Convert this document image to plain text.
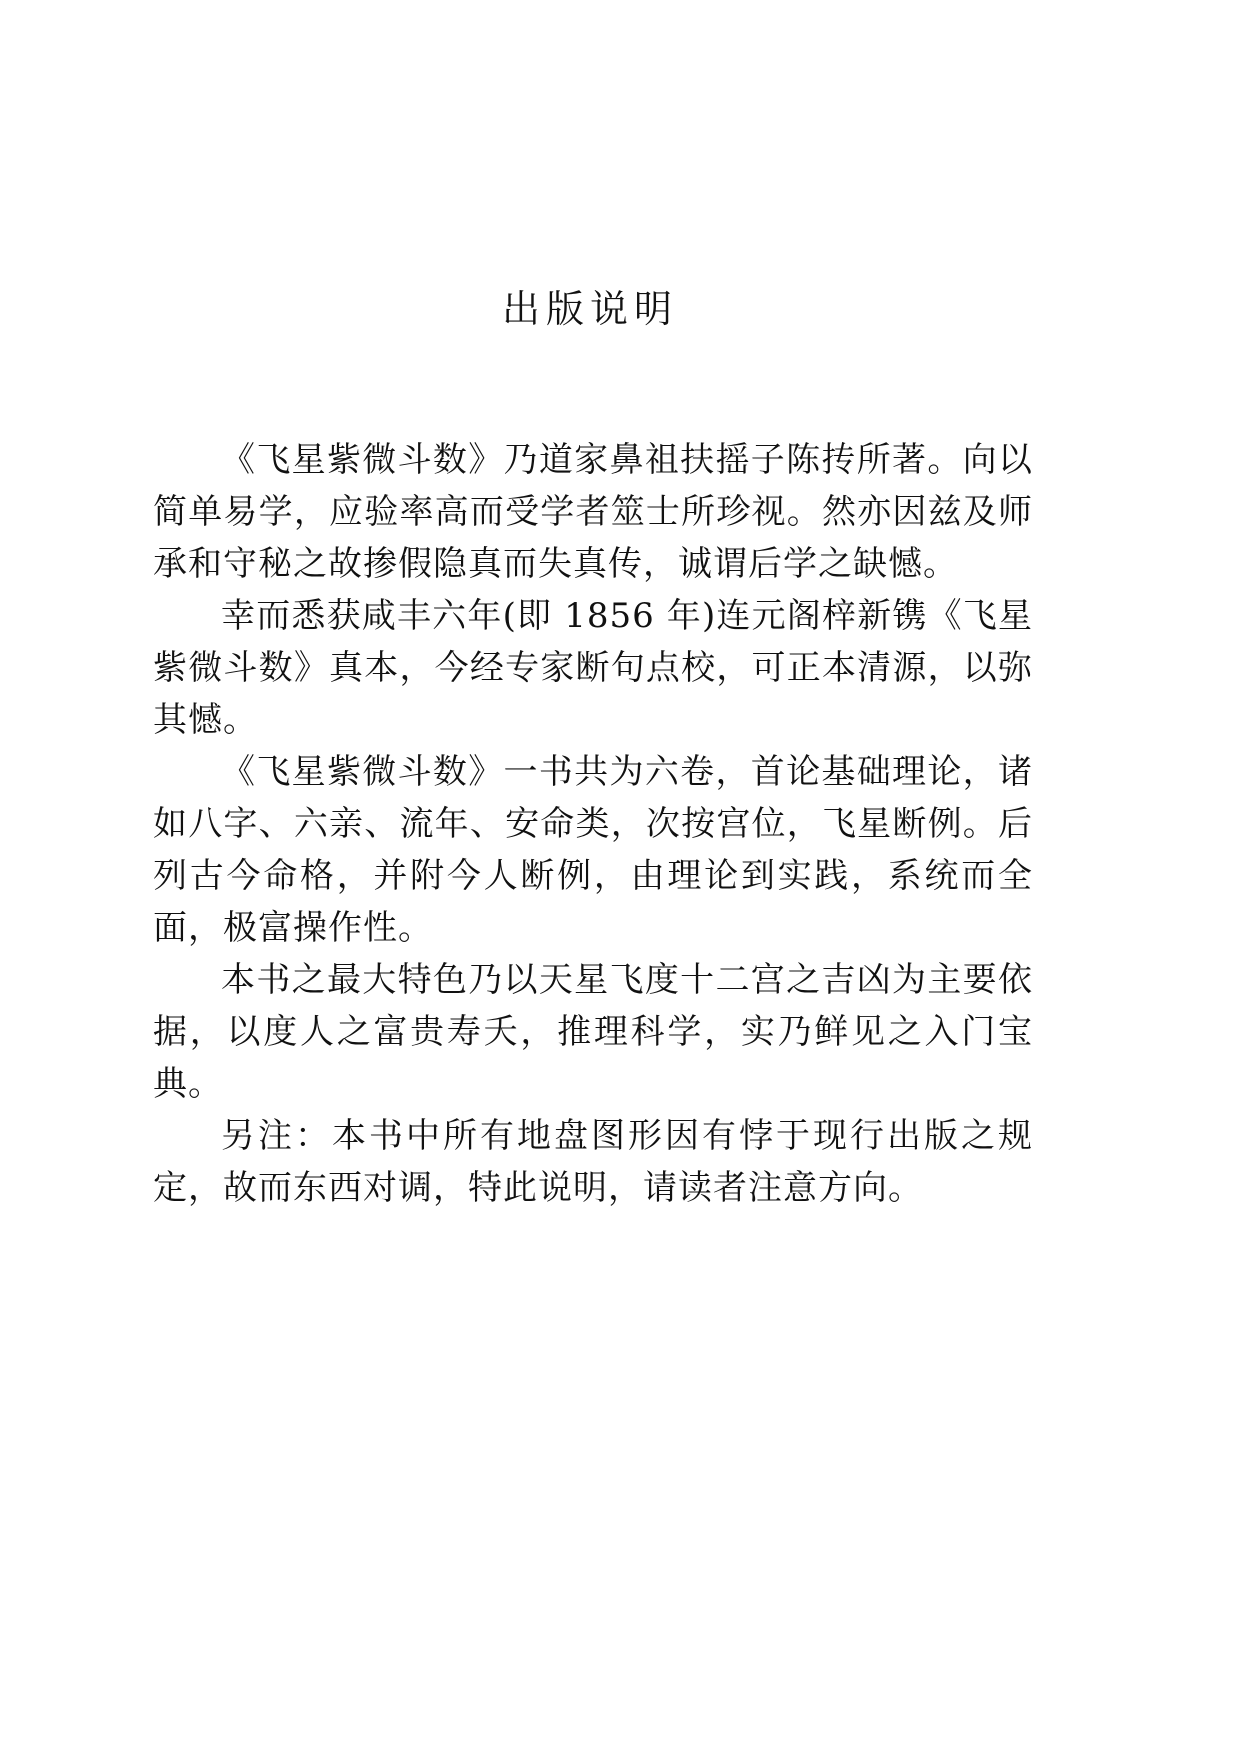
出版说明

《飞星紫微斗数》乃道家鼻祖扶摇子陈抟所著。向以简单易学，应验率高而受学者筮士所珍视。然亦因兹及师承和守秘之故掺假隐真而失真传，诚谓后学之缺憾。

幸而悉获咸丰六年(即 1856 年)连元阁梓新镌《飞星紫微斗数》真本，今经专家断句点校，可正本清源，以弥其憾。

《飞星紫微斗数》一书共为六卷，首论基础理论，诸如八字、六亲、流年、安命类，次按宫位，飞星断例。后列古今命格，并附今人断例，由理论到实践，系统而全面，极富操作性。

本书之最大特色乃以天星飞度十二宫之吉凶为主要依据，以度人之富贵寿夭，推理科学，实乃鲜见之入门宝典。

另注：本书中所有地盘图形因有悖于现行出版之规定，故而东西对调，特此说明，请读者注意方向。
